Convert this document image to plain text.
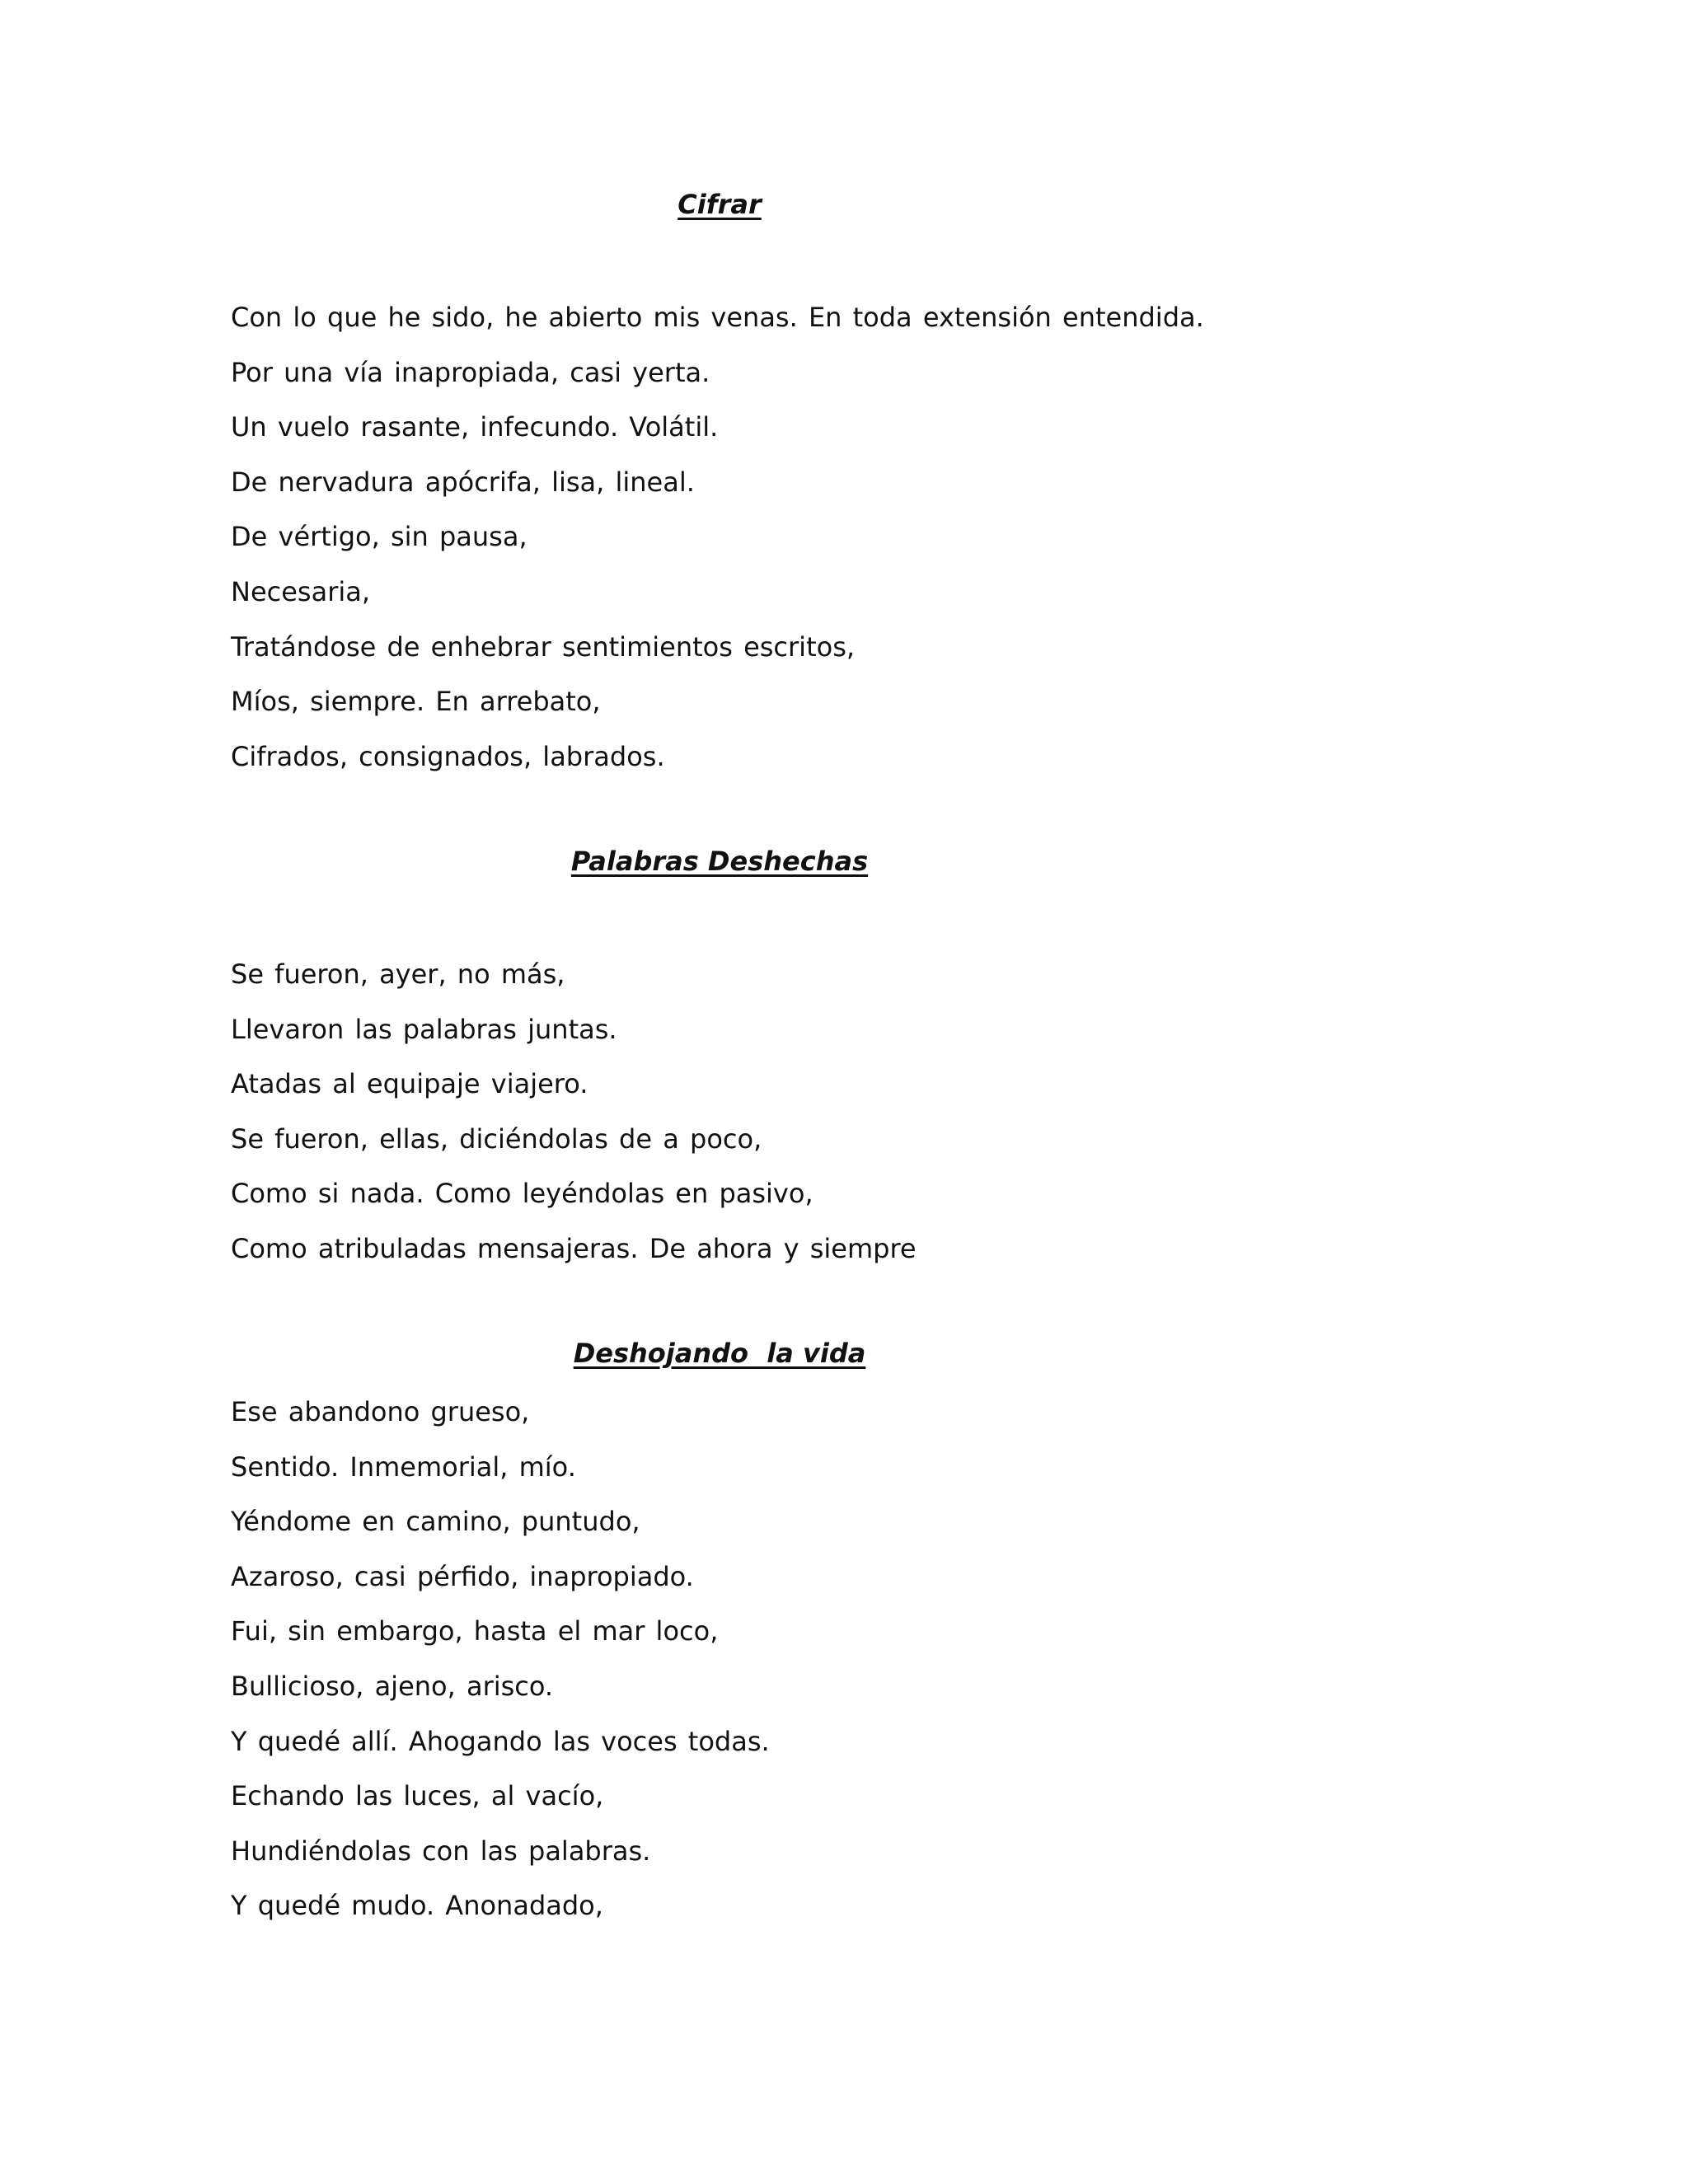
Cifrar
Con lo que he sido, he abierto mis venas. En toda extensión entendida.
Por una vía inapropiada, casi yerta.
Un vuelo rasante, infecundo. Volátil.
De nervadura apócrifa, lisa, lineal.
De vértigo, sin pausa,
Necesaria,
Tratándose de enhebrar sentimientos escritos,
Míos, siempre. En arrebato,
Cifrados, consignados, labrados.
Palabras Deshechas
Se fueron, ayer, no más,
Llevaron las palabras juntas.
Atadas al equipaje viajero.
Se fueron, ellas, diciéndolas de a poco,
Como si nada. Como leyéndolas en pasivo,
Como atribuladas mensajeras. De ahora y siempre
Deshojando  la vida
Ese abandono grueso,
Sentido. Inmemorial, mío.
Yéndome en camino, puntudo,
Azaroso, casi pérfido, inapropiado.
Fui, sin embargo, hasta el mar loco,
Bullicioso, ajeno, arisco.
Y quedé allí. Ahogando las voces todas.
Echando las luces, al vacío,
Hundiéndolas con las palabras.
Y quedé mudo. Anonadado,
